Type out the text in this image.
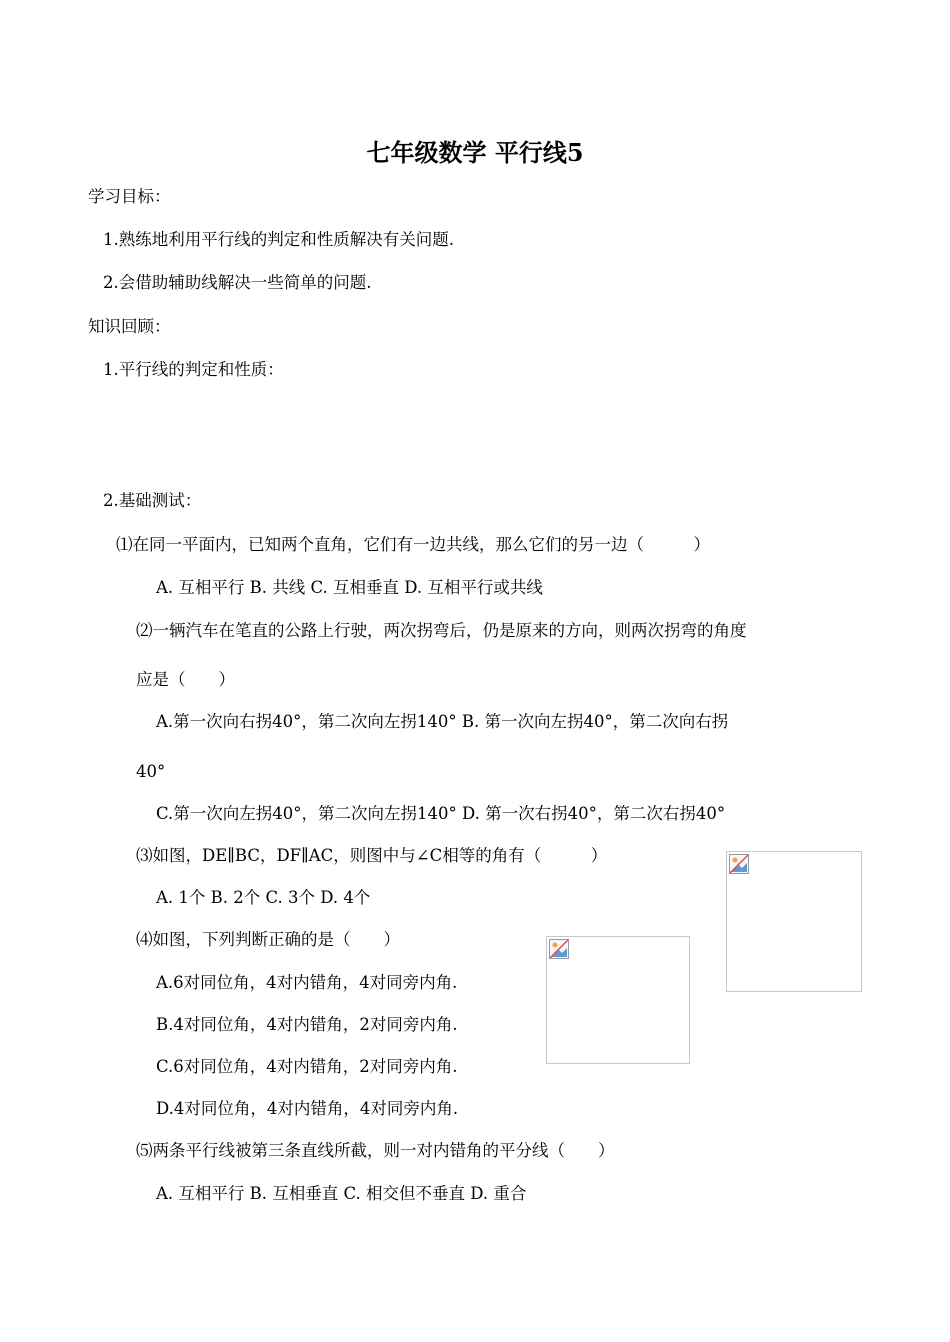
七年级数学 平行线5
学习目标：
1.熟练地利用平行线的判定和性质解决有关问题.
2.会借助辅助线解决一些简单的问题.
知识回顾：
1.平行线的判定和性质：
2.基础测试：
⑴在同一平面内，已知两个直角，它们有一边共线，那么它们的另一边（　　　）
A. 互相平行 B. 共线 C. 互相垂直 D. 互相平行或共线
⑵一辆汽车在笔直的公路上行驶，两次拐弯后，仍是原来的方向，则两次拐弯的角度
应是（　　）
A.第一次向右拐40°，第二次向左拐140° B. 第一次向左拐40°，第二次向右拐
40°
C.第一次向左拐40°，第二次向左拐140° D. 第一次右拐40°，第二次右拐40°
⑶如图，DE∥BC，DF∥AC，则图中与∠C相等的角有（　　　）
A. 1个 B. 2个 C. 3个 D. 4个
⑷如图，下列判断正确的是（　　）
A.6对同位角，4对内错角，4对同旁内角.
B.4对同位角，4对内错角，2对同旁内角.
C.6对同位角，4对内错角，2对同旁内角.
D.4对同位角，4对内错角，4对同旁内角.
⑸两条平行线被第三条直线所截，则一对内错角的平分线（　　）
A. 互相平行 B. 互相垂直 C. 相交但不垂直 D. 重合
